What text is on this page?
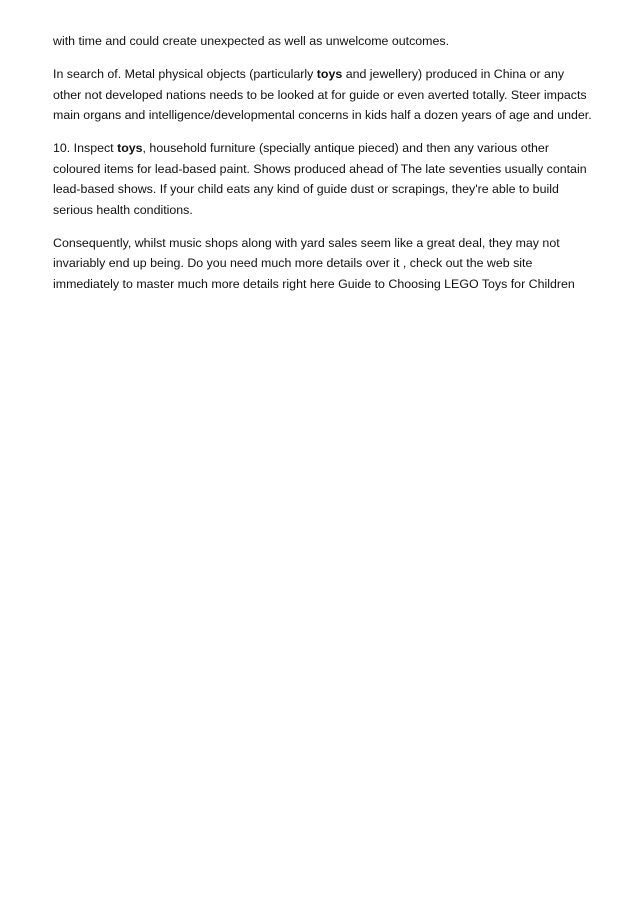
with time and could create unexpected as well as unwelcome outcomes.

In search of. Metal physical objects (particularly toys and jewellery) produced in China or any other not developed nations needs to be looked at for guide or even averted totally. Steer impacts main organs and intelligence/developmental concerns in kids half a dozen years of age and under.

10. Inspect toys, household furniture (specially antique pieced) and then any various other coloured items for lead-based paint. Shows produced ahead of The late seventies usually contain lead-based shows. If your child eats any kind of guide dust or scrapings, they're able to build serious health conditions.

Consequently, whilst music shops along with yard sales seem like a great deal, they may not invariably end up being. Do you need much more details over it , check out the web site immediately to master much more details right here Guide to Choosing LEGO Toys for Children
